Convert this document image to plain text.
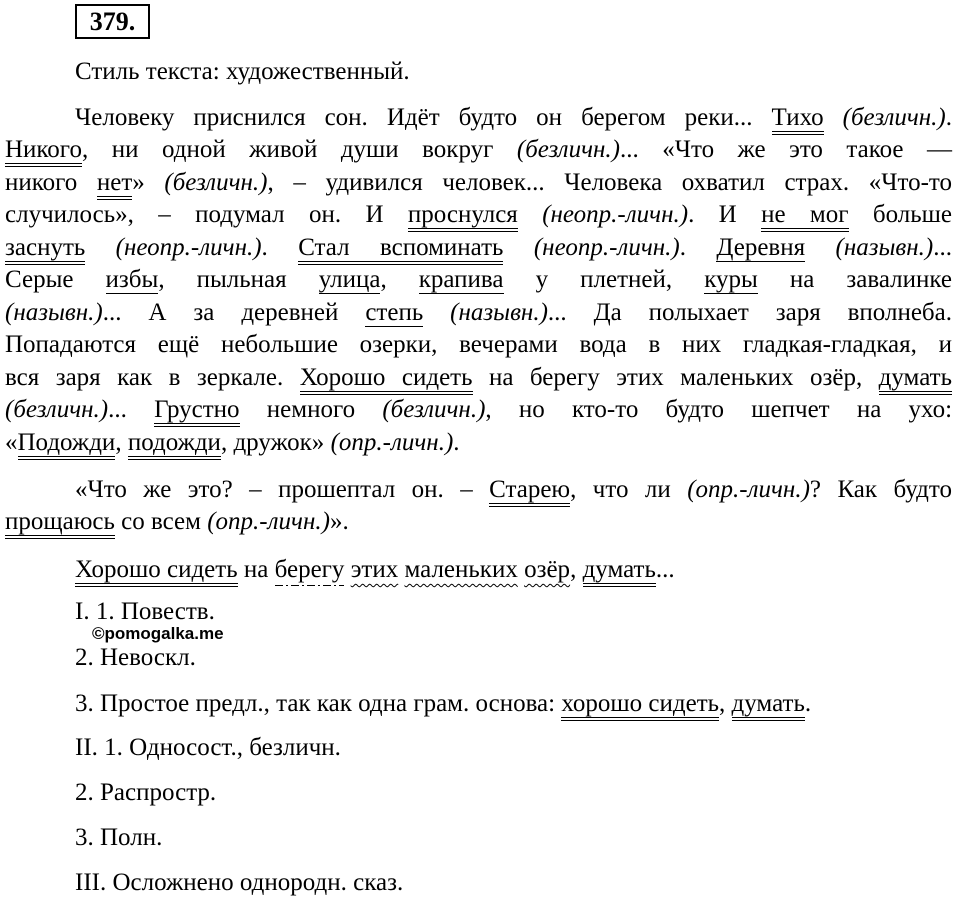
379.
Стиль текста: художественный.
Человеку приснился сон. Идёт будто он берегом реки... Тихо (безличн.).
Никого, ни одной живой души вокруг (безличн.)... «Что же это такое —
никого нет» (безличн.), – удивился человек... Человека охватил страх. «Что-то
случилось», – подумал он. И проснулся (неопр.-личн.). И не мог больше
заснуть (неопр.-личн.). Стал вспоминать (неопр.-личн.). Деревня (назывн.)...
Серые избы, пыльная улица, крапива у плетней, куры на завалинке
(назывн.)... А за деревней степь (назывн.)... Да полыхает заря вполнеба.
Попадаются ещё небольшие озерки, вечерами вода в них гладкая-гладкая, и
вся заря как в зеркале. Хорошо сидеть на берегу этих маленьких озёр, думать
(безличн.)... Грустно немного (безличн.), но кто-то будто шепчет на ухо:
«Подожди, подожди, дружок» (опр.-личн.).
«Что же это? – прошептал он. – Старею, что ли (опр.-личн.)? Как будто
прощаюсь со всем (опр.-личн.)».
Хорошо сидеть на берегу этих маленьких озёр, думать...
I. 1. Повеств.
2. Невоскл.
3. Простое предл., так как одна грам. основа: хорошо сидеть, думать.
II. 1. Односост., безличн.
2. Распростр.
3. Полн.
III. Осложнено однородн. сказ.
©pomogalka.me
